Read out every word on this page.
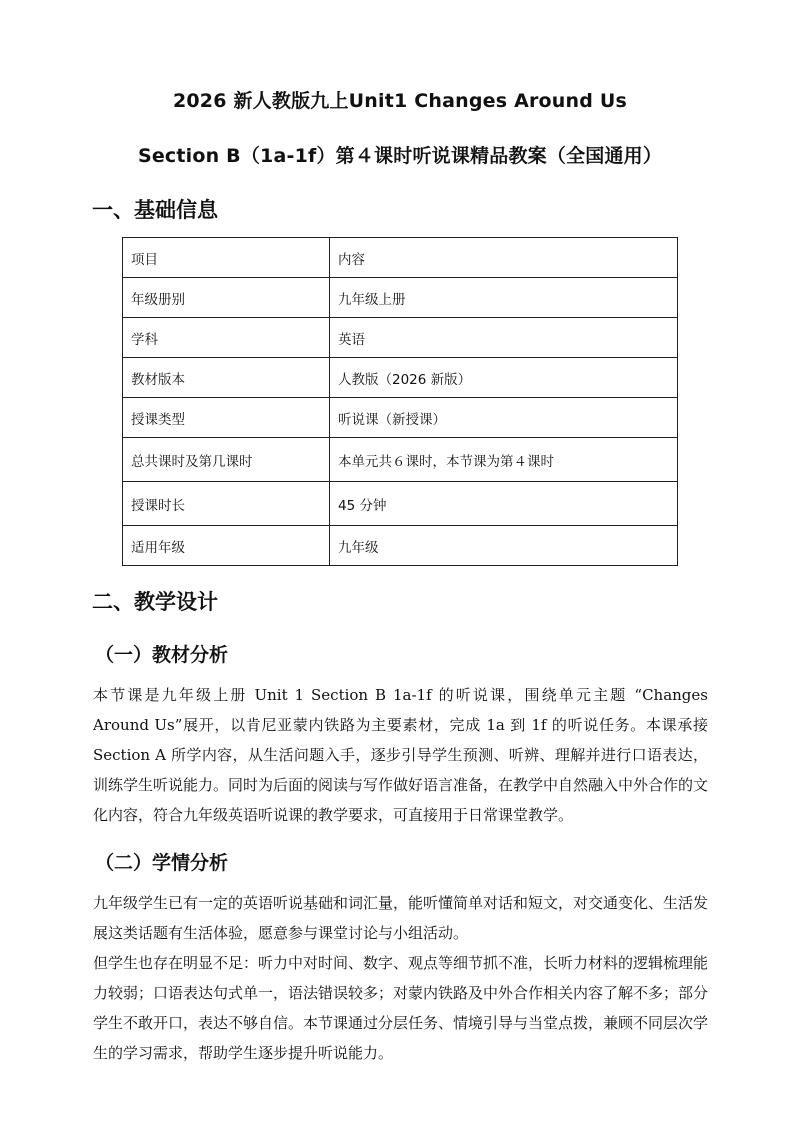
2026 新人教版九上Unit1 Changes Around Us
Section B（1a-1f）第４课时听说课精品教案（全国通用）
一、基础信息
项目	内容
年级册别	九年级上册
学科	英语
教材版本	人教版（2026 新版）
授课类型	听说课（新授课）
总共课时及第几课时	本单元共６课时，本节课为第４课时
授课时长	45 分钟
适用年级	九年级
二、教学设计
（一）教材分析

本节课是九年级上册 Unit 1 Section B 1a-1f 的听说课，围绕单元主题 “Changes Around Us”展开，以肯尼亚蒙内铁路为主要素材，完成 1a 到 1f 的听说任务。本课承接 Section A 所学内容，从生活问题入手，逐步引导学生预测、听辨、理解并进行口语表达，训练学生听说能力。同时为后面的阅读与写作做好语言准备，在教学中自然融入中外合作的文化内容，符合九年级英语听说课的教学要求，可直接用于日常课堂教学。

（二）学情分析

九年级学生已有一定的英语听说基础和词汇量，能听懂简单对话和短文，对交通变化、生活发展这类话题有生活体验，愿意参与课堂讨论与小组活动。

但学生也存在明显不足：听力中对时间、数字、观点等细节抓不准，长听力材料的逻辑梳理能力较弱；口语表达句式单一，语法错误较多；对蒙内铁路及中外合作相关内容了解不多；部分学生不敢开口，表达不够自信。本节课通过分层任务、情境引导与当堂点拨，兼顾不同层次学生的学习需求，帮助学生逐步提升听说能力。
